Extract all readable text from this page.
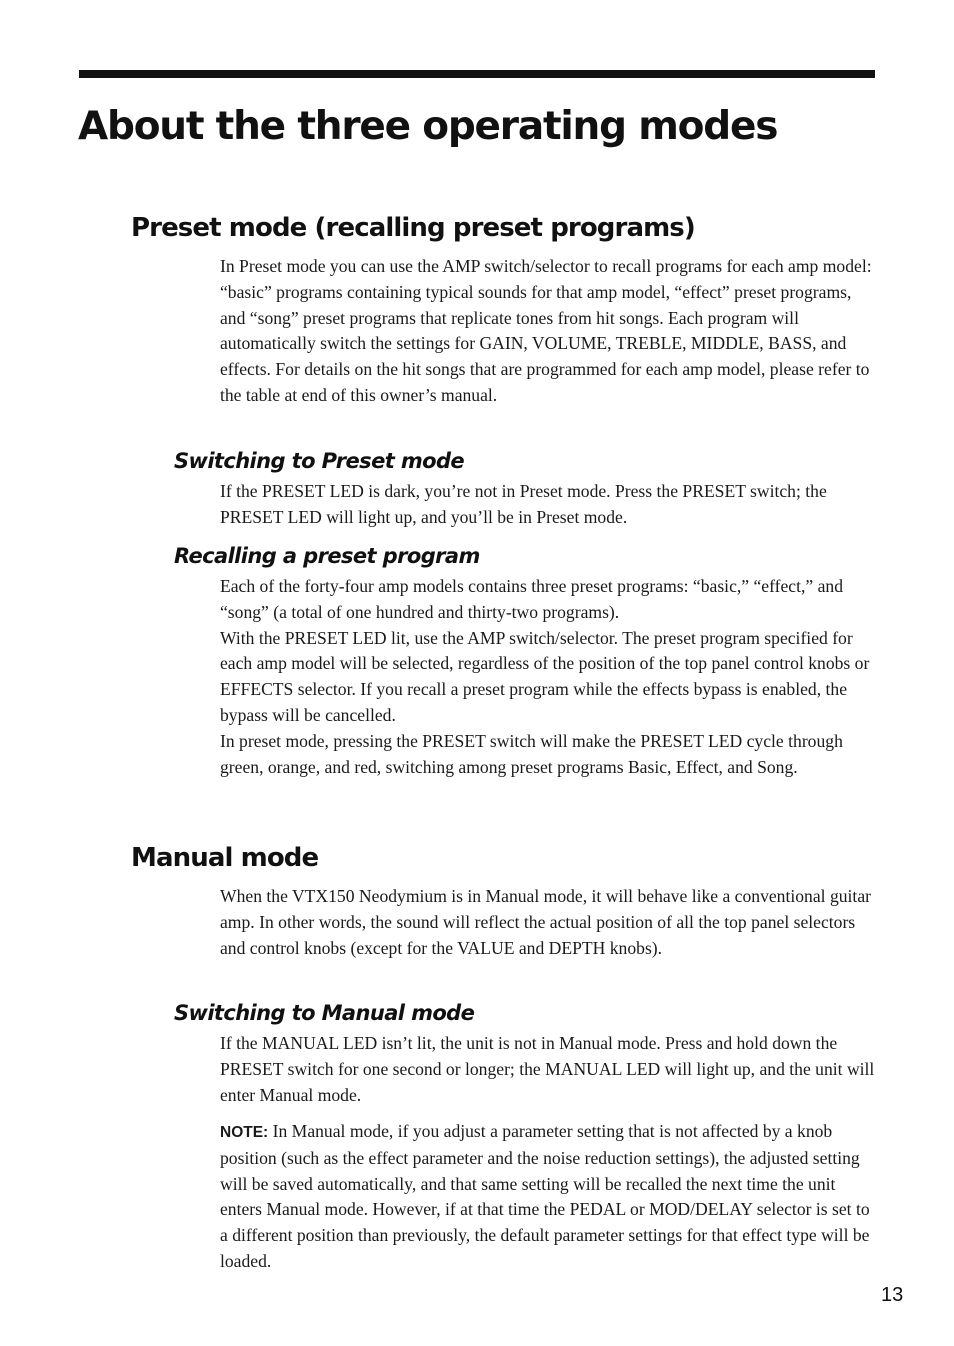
About the three operating modes
Preset mode (recalling preset programs)

In Preset mode you can use the AMP switch/selector to recall programs for each amp model: “basic” programs containing typical sounds for that amp model, “effect” preset programs, and “song” preset programs that replicate tones from hit songs. Each program will automatically switch the settings for GAIN, VOLUME, TREBLE, MIDDLE, BASS, and effects. For details on the hit songs that are programmed for each amp model, please refer to the table at end of this owner’s manual.

Switching to Preset mode

If the PRESET LED is dark, you’re not in Preset mode. Press the PRESET switch; the PRESET LED will light up, and you’ll be in Preset mode.

Recalling a preset program

Each of the forty-four amp models contains three preset programs: “basic,” “effect,” and “song” (a total of one hundred and thirty-two programs).

With the PRESET LED lit, use the AMP switch/selector. The preset program specified for each amp model will be selected, regardless of the position of the top panel control knobs or EFFECTS selector. If you recall a preset program while the effects bypass is enabled, the bypass will be cancelled.

In preset mode, pressing the PRESET switch will make the PRESET LED cycle through green, orange, and red, switching among preset programs Basic, Effect, and Song.

Manual mode

When the VTX150 Neodymium is in Manual mode, it will behave like a conventional guitar amp. In other words, the sound will reflect the actual position of all the top panel selectors and control knobs (except for the VALUE and DEPTH knobs).

Switching to Manual mode

If the MANUAL LED isn’t lit, the unit is not in Manual mode. Press and hold down the PRESET switch for one second or longer; the MANUAL LED will light up, and the unit will enter Manual mode.

NOTE: In Manual mode, if you adjust a parameter setting that is not affected by a knob position (such as the effect parameter and the noise reduction settings), the adjusted setting will be saved automatically, and that same setting will be recalled the next time the unit enters Manual mode. However, if at that time the PEDAL or MOD/DELAY selector is set to a different position than previously, the default parameter settings for that effect type will be loaded.

13
